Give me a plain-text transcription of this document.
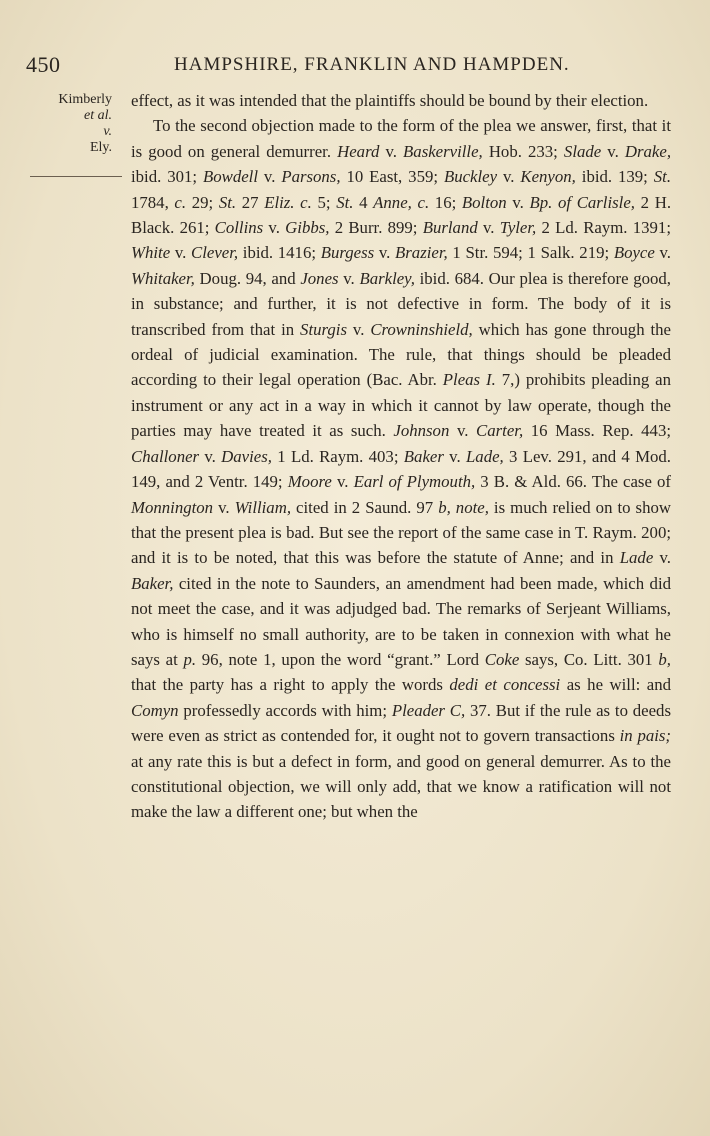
450	HAMPSHIRE, FRANKLIN AND HAMPDEN.
Kimberly
et al.
v.
Ely.

effect, as it was intended that the plaintiffs should be bound by their election.

To the second objection made to the form of the plea we answer, first, that it is good on general demurrer. Heard v. Baskerville, Hob. 233; Slade v. Drake, ibid. 301; Bowdell v. Parsons, 10 East, 359; Buckley v. Kenyon, ibid. 139; St. 1784, c. 29; St. 27 Eliz. c. 5; St. 4 Anne, c. 16; Bolton v. Bp. of Carlisle, 2 H. Black. 261; Collins v. Gibbs, 2 Burr. 899; Burland v. Tyler, 2 Ld. Raym. 1391; White v. Clever, ibid. 1416; Burgess v. Brazier, 1 Str. 594; 1 Salk. 219; Boyce v. Whitaker, Doug. 94, and Jones v. Barkley, ibid. 684. Our plea is therefore good, in substance; and further, it is not defective in form. The body of it is transcribed from that in Sturgis v. Crowninshield, which has gone through the ordeal of judicial examination. The rule, that things should be pleaded according to their legal operation (Bac. Abr. Pleas I. 7,) prohibits pleading an instrument or any act in a way in which it cannot by law operate, though the parties may have treated it as such. Johnson v. Carter, 16 Mass. Rep. 443; Challoner v. Davies, 1 Ld. Raym. 403; Baker v. Lade, 3 Lev. 291, and 4 Mod. 149, and 2 Ventr. 149; Moore v. Earl of Plymouth, 3 B. & Ald. 66. The case of Monnington v. William, cited in 2 Saund. 97 b, note, is much relied on to show that the present plea is bad. But see the report of the same case in T. Raym. 200; and it is to be noted, that this was before the statute of Anne; and in Lade v. Baker, cited in the note to Saunders, an amendment had been made, which did not meet the case, and it was adjudged bad. The remarks of Serjeant Williams, who is himself no small authority, are to be taken in connexion with what he says at p. 96, note 1, upon the word “grant.” Lord Coke says, Co. Litt. 301 b, that the party has a right to apply the words dedi et concessi as he will: and Comyn professedly accords with him; Pleader C, 37. But if the rule as to deeds were even as strict as contended for, it ought not to govern transactions in pais; at any rate this is but a defect in form, and good on general demurrer. As to the constitutional objection, we will only add, that we know a ratification will not make the law a different one; but when the
